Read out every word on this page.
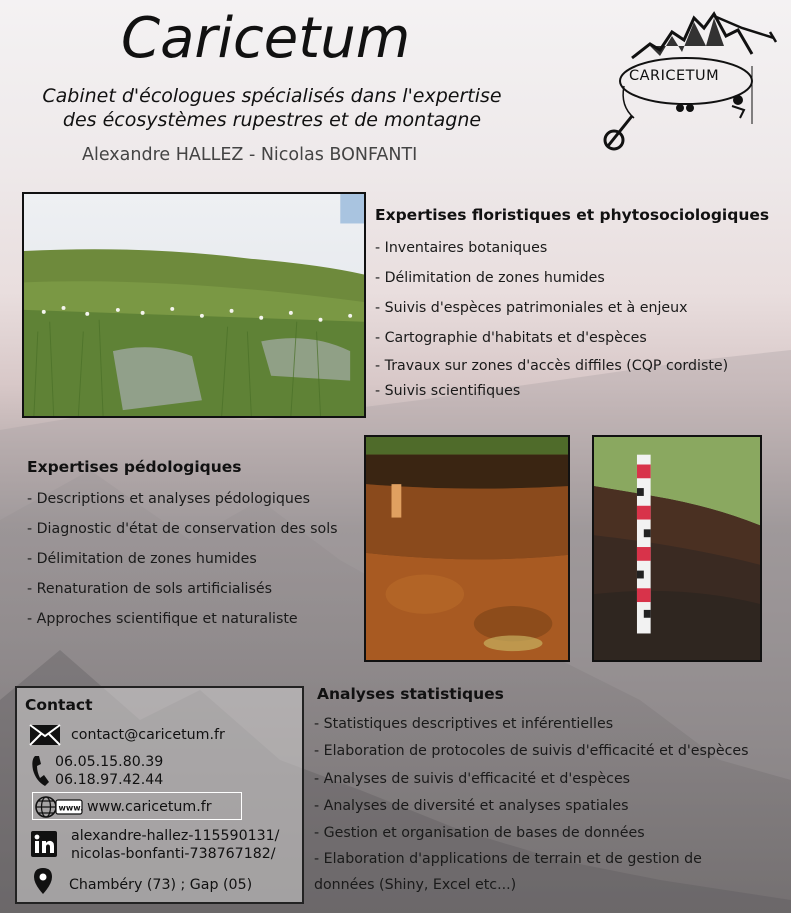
Caricetum
Cabinet d'écologues spécialisés dans l'expertise
des écosystèmes rupestres et de montagne
Alexandre HALLEZ - Nicolas BONFANTI
CARICETUM
Expertises floristiques et phytosociologiques
- Inventaires botaniques
- Délimitation de zones humides
- Suivis d'espèces patrimoniales et à enjeux
- Cartographie d'habitats et d'espèces
- Travaux sur zones d'accès diffiles (CQP cordiste)
- Suivis scientifiques
Expertises pédologiques
- Descriptions et analyses pédologiques
- Diagnostic d'état de conservation des sols
- Délimitation de zones humides
- Renaturation de sols artificialisés
- Approches scientifique et naturaliste
Contact
contact@caricetum.fr
06.05.15.80.39
06.18.97.42.44
www. www.caricetum.fr
alexandre-hallez-115590131/
nicolas-bonfanti-738767182/
Chambéry (73) ; Gap (05)
Analyses statistiques
- Statistiques descriptives et inférentielles
- Elaboration de protocoles de suivis d'efficacité et d'espèces
- Analyses de suivis d'efficacité et d'espèces
- Analyses de diversité et analyses spatiales
- Gestion et organisation de bases de données
- Elaboration d'applications de terrain et de gestion de
données (Shiny, Excel etc...)
